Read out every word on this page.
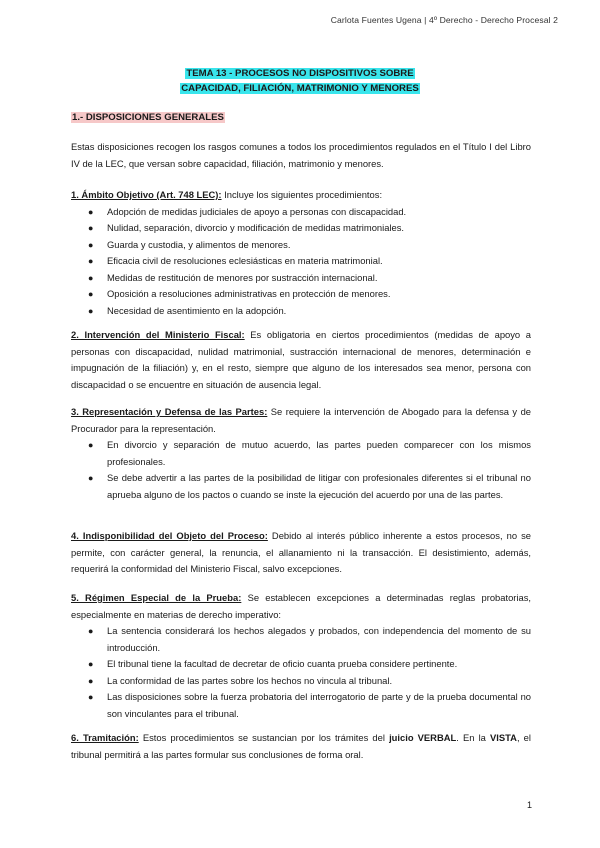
Carlota Fuentes Ugena | 4º Derecho - Derecho Procesal 2
TEMA 13 - PROCESOS NO DISPOSITIVOS SOBRE
CAPACIDAD, FILIACIÓN, MATRIMONIO Y MENORES
1.- DISPOSICIONES GENERALES
Estas disposiciones recogen los rasgos comunes a todos los procedimientos regulados en el Título I del Libro IV de la LEC, que versan sobre capacidad, filiación, matrimonio y menores.
1. Ámbito Objetivo (Art. 748 LEC): Incluye los siguientes procedimientos:
● Adopción de medidas judiciales de apoyo a personas con discapacidad.
● Nulidad, separación, divorcio y modificación de medidas matrimoniales.
● Guarda y custodia, y alimentos de menores.
● Eficacia civil de resoluciones eclesiásticas en materia matrimonial.
● Medidas de restitución de menores por sustracción internacional.
● Oposición a resoluciones administrativas en protección de menores.
● Necesidad de asentimiento en la adopción.
2. Intervención del Ministerio Fiscal: Es obligatoria en ciertos procedimientos (medidas de apoyo a personas con discapacidad, nulidad matrimonial, sustracción internacional de menores, determinación e impugnación de la filiación) y, en el resto, siempre que alguno de los interesados sea menor, persona con discapacidad o se encuentre en situación de ausencia legal.
3. Representación y Defensa de las Partes: Se requiere la intervención de Abogado para la defensa y de Procurador para la representación.
● En divorcio y separación de mutuo acuerdo, las partes pueden comparecer con los mismos profesionales.
● Se debe advertir a las partes de la posibilidad de litigar con profesionales diferentes si el tribunal no aprueba alguno de los pactos o cuando se inste la ejecución del acuerdo por una de las partes.
4. Indisponibilidad del Objeto del Proceso: Debido al interés público inherente a estos procesos, no se permite, con carácter general, la renuncia, el allanamiento ni la transacción. El desistimiento, además, requerirá la conformidad del Ministerio Fiscal, salvo excepciones.
5. Régimen Especial de la Prueba: Se establecen excepciones a determinadas reglas probatorias, especialmente en materias de derecho imperativo:
● La sentencia considerará los hechos alegados y probados, con independencia del momento de su introducción.
● El tribunal tiene la facultad de decretar de oficio cuanta prueba considere pertinente.
● La conformidad de las partes sobre los hechos no vincula al tribunal.
● Las disposiciones sobre la fuerza probatoria del interrogatorio de parte y de la prueba documental no son vinculantes para el tribunal.
6. Tramitación: Estos procedimientos se sustancian por los trámites del juicio VERBAL. En la VISTA, el tribunal permitirá a las partes formular sus conclusiones de forma oral.
1
